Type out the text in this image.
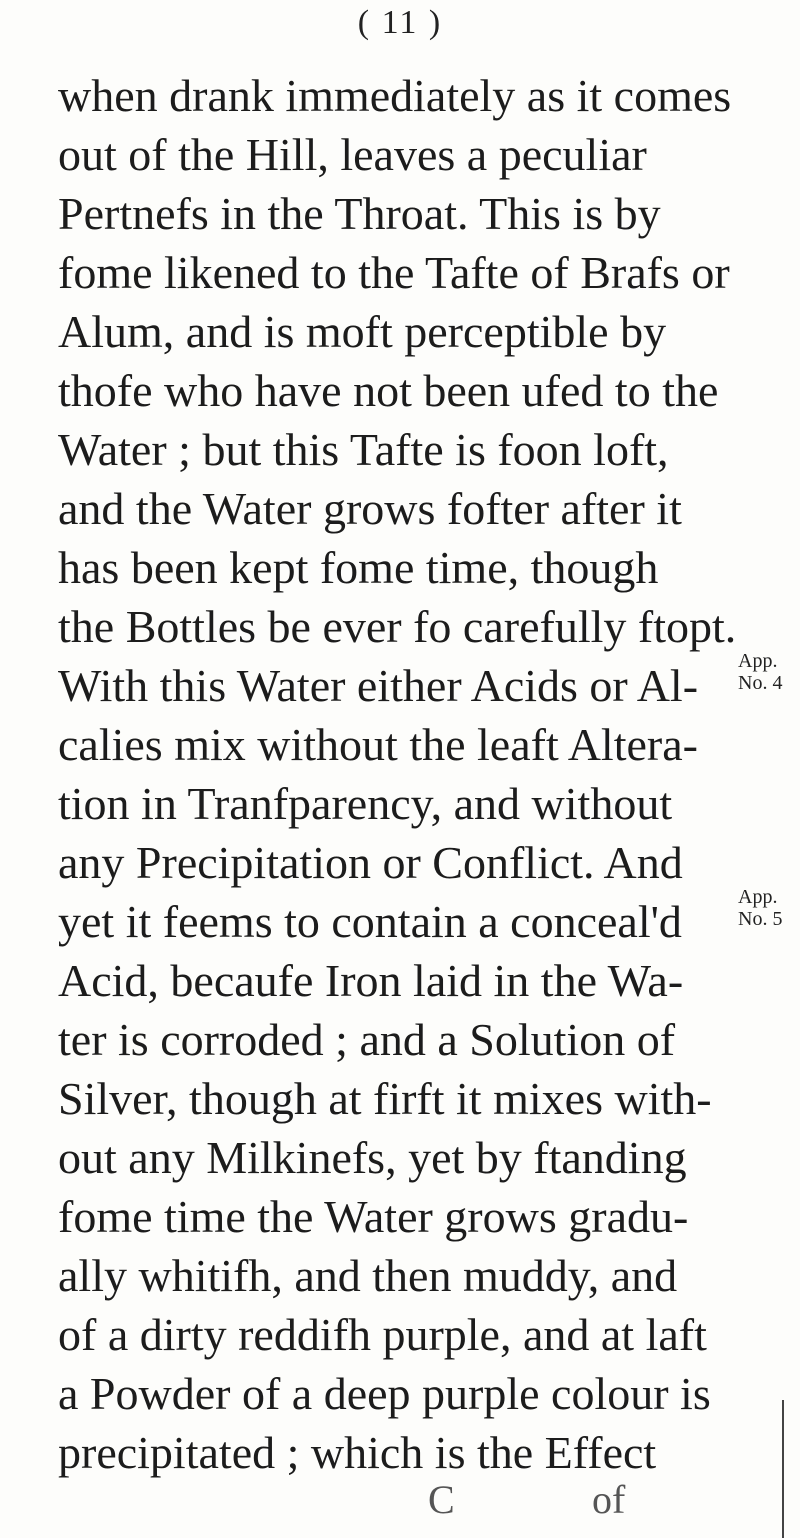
( 11 )
when drank immediately as it comes
out of the Hill, leaves a peculiar
Pertnefs in the Throat. This is by
fome likened to the Tafte of Brafs or
Alum, and is moft perceptible by
thofe who have not been ufed to the
Water ; but this Tafte is foon loft,
and the Water grows fofter after it
has been kept fome time, though
the Bottles be ever fo carefully ftopt.
With this Water either Acids or Al-
calies mix without the leaft Altera-
tion in Tranfparency, and without
any Precipitation or Conflict. And
yet it feems to contain a conceal'd
Acid, becaufe Iron laid in the Wa-
ter is corroded ; and a Solution of
Silver, though at firft it mixes with-
out any Milkinefs, yet by ftanding
fome time the Water grows gradu-
ally whitifh, and then muddy, and
of a dirty reddifh purple, and at laft
a Powder of a deep purple colour is
precipitated ; which is the Effect
App.
No. 4
App.
No. 5
C	of
